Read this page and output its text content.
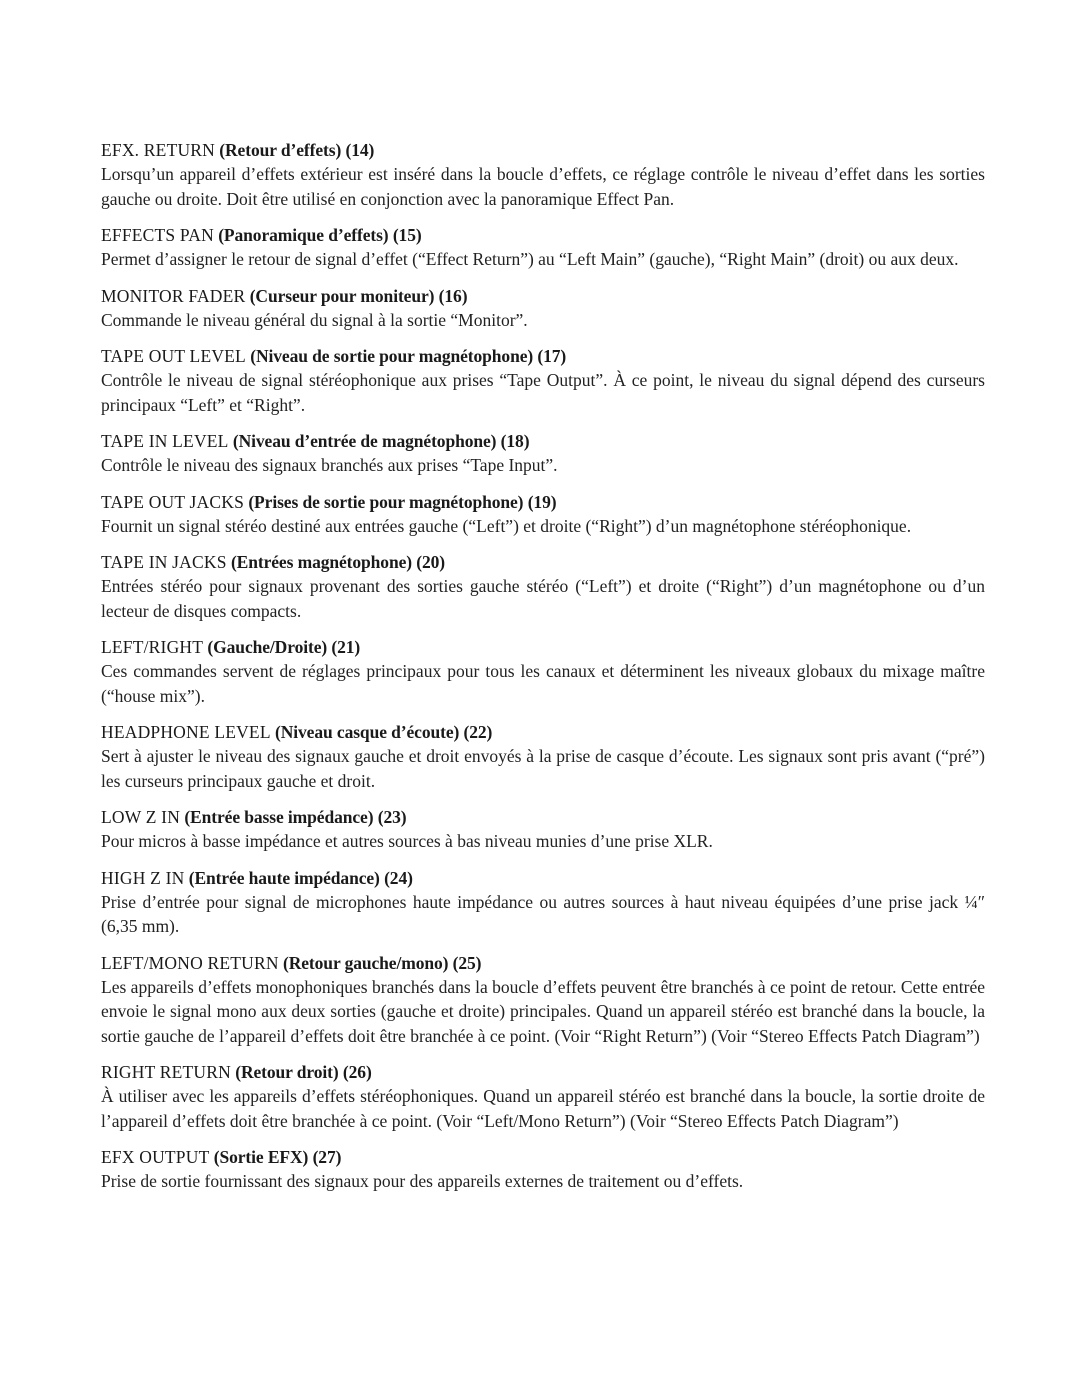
EFX. RETURN (Retour d’effets) (14)

Lorsqu’un appareil d’effets extérieur est inséré dans la boucle d’effets, ce réglage contrôle le niveau d’effet dans les sorties gauche ou droite. Doit être utilisé en conjonction avec la panoramique Effect Pan.

EFFECTS PAN (Panoramique d’effets) (15)

Permet d’assigner le retour de signal d’effet (“Effect Return”) au “Left Main” (gauche), “Right Main” (droit) ou aux deux.

MONITOR FADER (Curseur pour moniteur) (16)

Commande le niveau général du signal à la sortie “Monitor”.

TAPE OUT LEVEL (Niveau de sortie pour magnétophone) (17)

Contrôle le niveau de signal stéréophonique aux prises “Tape Output”. À ce point, le niveau du signal dépend des curseurs principaux “Left” et “Right”.

TAPE IN LEVEL (Niveau d’entrée de magnétophone) (18)

Contrôle le niveau des signaux branchés aux prises “Tape Input”.

TAPE OUT JACKS (Prises de sortie pour magnétophone) (19)

Fournit un signal stéréo destiné aux entrées gauche (“Left”) et droite (“Right”) d’un magnétophone stéréophonique.

TAPE IN JACKS (Entrées magnétophone) (20)

Entrées stéréo pour signaux provenant des sorties gauche stéréo (“Left”) et droite (“Right”) d’un magnétophone ou d’un lecteur de disques compacts.

LEFT/RIGHT (Gauche/Droite) (21)

Ces commandes servent de réglages principaux pour tous les canaux et déterminent les niveaux globaux du mixage maître (“house mix”).

HEADPHONE LEVEL (Niveau casque d’écoute) (22)

Sert à ajuster le niveau des signaux gauche et droit envoyés à la prise de casque d’écoute. Les signaux sont pris avant (“pré”) les curseurs principaux gauche et droit.

LOW Z IN (Entrée basse impédance) (23)

Pour micros à basse impédance et autres sources à bas niveau munies d’une prise XLR.

HIGH Z IN (Entrée haute impédance) (24)

Prise d’entrée pour signal de microphones haute impédance ou autres sources à haut niveau équipées d’une prise jack ¼″ (6,35 mm).

LEFT/MONO RETURN (Retour gauche/mono) (25)

Les appareils d’effets monophoniques branchés dans la boucle d’effets peuvent être branchés à ce point de retour. Cette entrée envoie le signal mono aux deux sorties (gauche et droite) principales. Quand un appareil stéréo est branché dans la boucle, la sortie gauche de l’appareil d’effets doit être branchée à ce point. (Voir “Right Return”) (Voir “Stereo Effects Patch Diagram”)

RIGHT RETURN (Retour droit) (26)

À utiliser avec les appareils d’effets stéréophoniques. Quand un appareil stéréo est branché dans la boucle, la sortie droite de l’appareil d’effets doit être branchée à ce point. (Voir “Left/Mono Return”) (Voir “Stereo Effects Patch Diagram”)

EFX OUTPUT (Sortie EFX) (27)

Prise de sortie fournissant des signaux pour des appareils externes de traitement ou d’effets.
